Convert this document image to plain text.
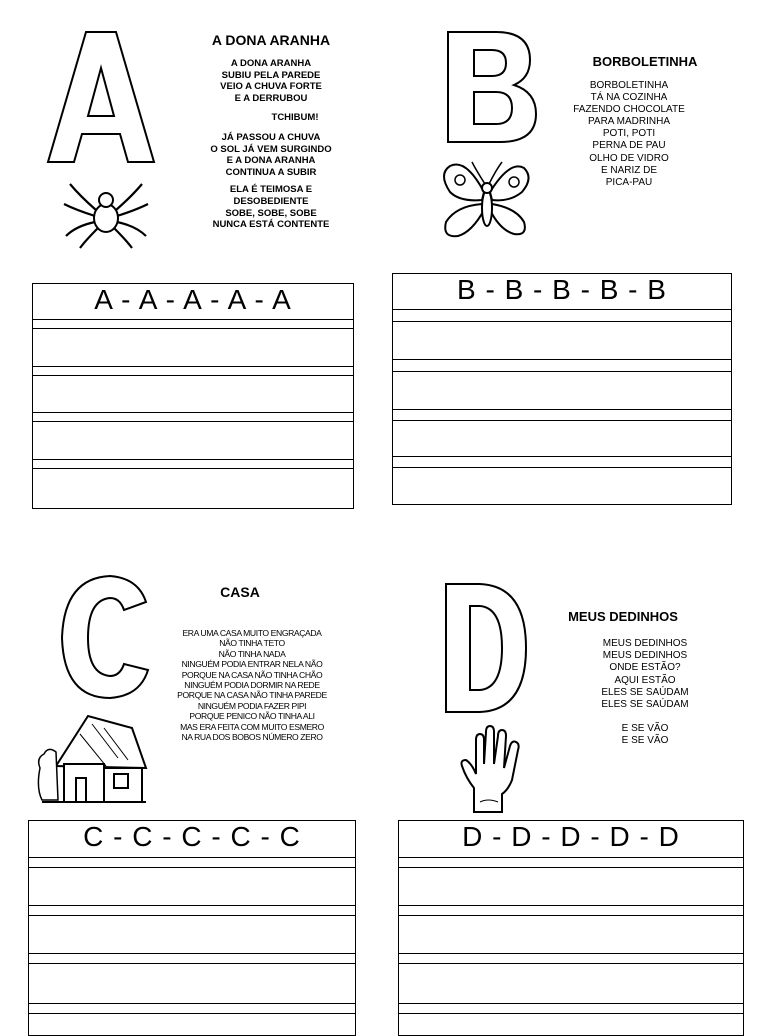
A DONA ARANHA
A DONA ARANHA
SUBIU PELA PAREDE
VEIO A CHUVA FORTE
E A DERRUBOU
TCHIBUM!
JÁ PASSOU A CHUVA
O SOL JÁ VEM SURGINDO
E A DONA ARANHA
CONTINUA A SUBIR
ELA É TEIMOSA E
DESOBEDIENTE
SOBE, SOBE, SOBE
NUNCA ESTÁ CONTENTE
A - A - A - A - A
BORBOLETINHA
BORBOLETINHA
TÁ NA COZINHA
FAZENDO CHOCOLATE
PARA MADRINHA
POTI, POTI
PERNA DE PAU
OLHO DE VIDRO
E NARIZ DE
PICA-PAU
B - B - B - B - B
CASA
ERA UMA CASA MUITO ENGRAÇADA
NÃO TINHA TETO
NÃO TINHA NADA
NINGUÉM PODIA ENTRAR NELA NÃO
PORQUE NA CASA NÃO TINHA CHÃO
NINGUÉM PODIA DORMIR NA REDE
PORQUE NA CASA NÃO TINHA PAREDE
NINGUÉM PODIA FAZER PIPI
PORQUE PENICO NÃO TINHA ALI
MAS ERA FEITA COM MUITO ESMERO
NA RUA DOS BOBOS NÚMERO ZERO
C - C - C - C - C
MEUS DEDINHOS
MEUS DEDINHOS
MEUS DEDINHOS
ONDE ESTÃO?
AQUI ESTÃO
ELES SE SAÚDAM
ELES SE SAÚDAM
E SE VÃO
E SE VÃO
D - D - D - D - D
